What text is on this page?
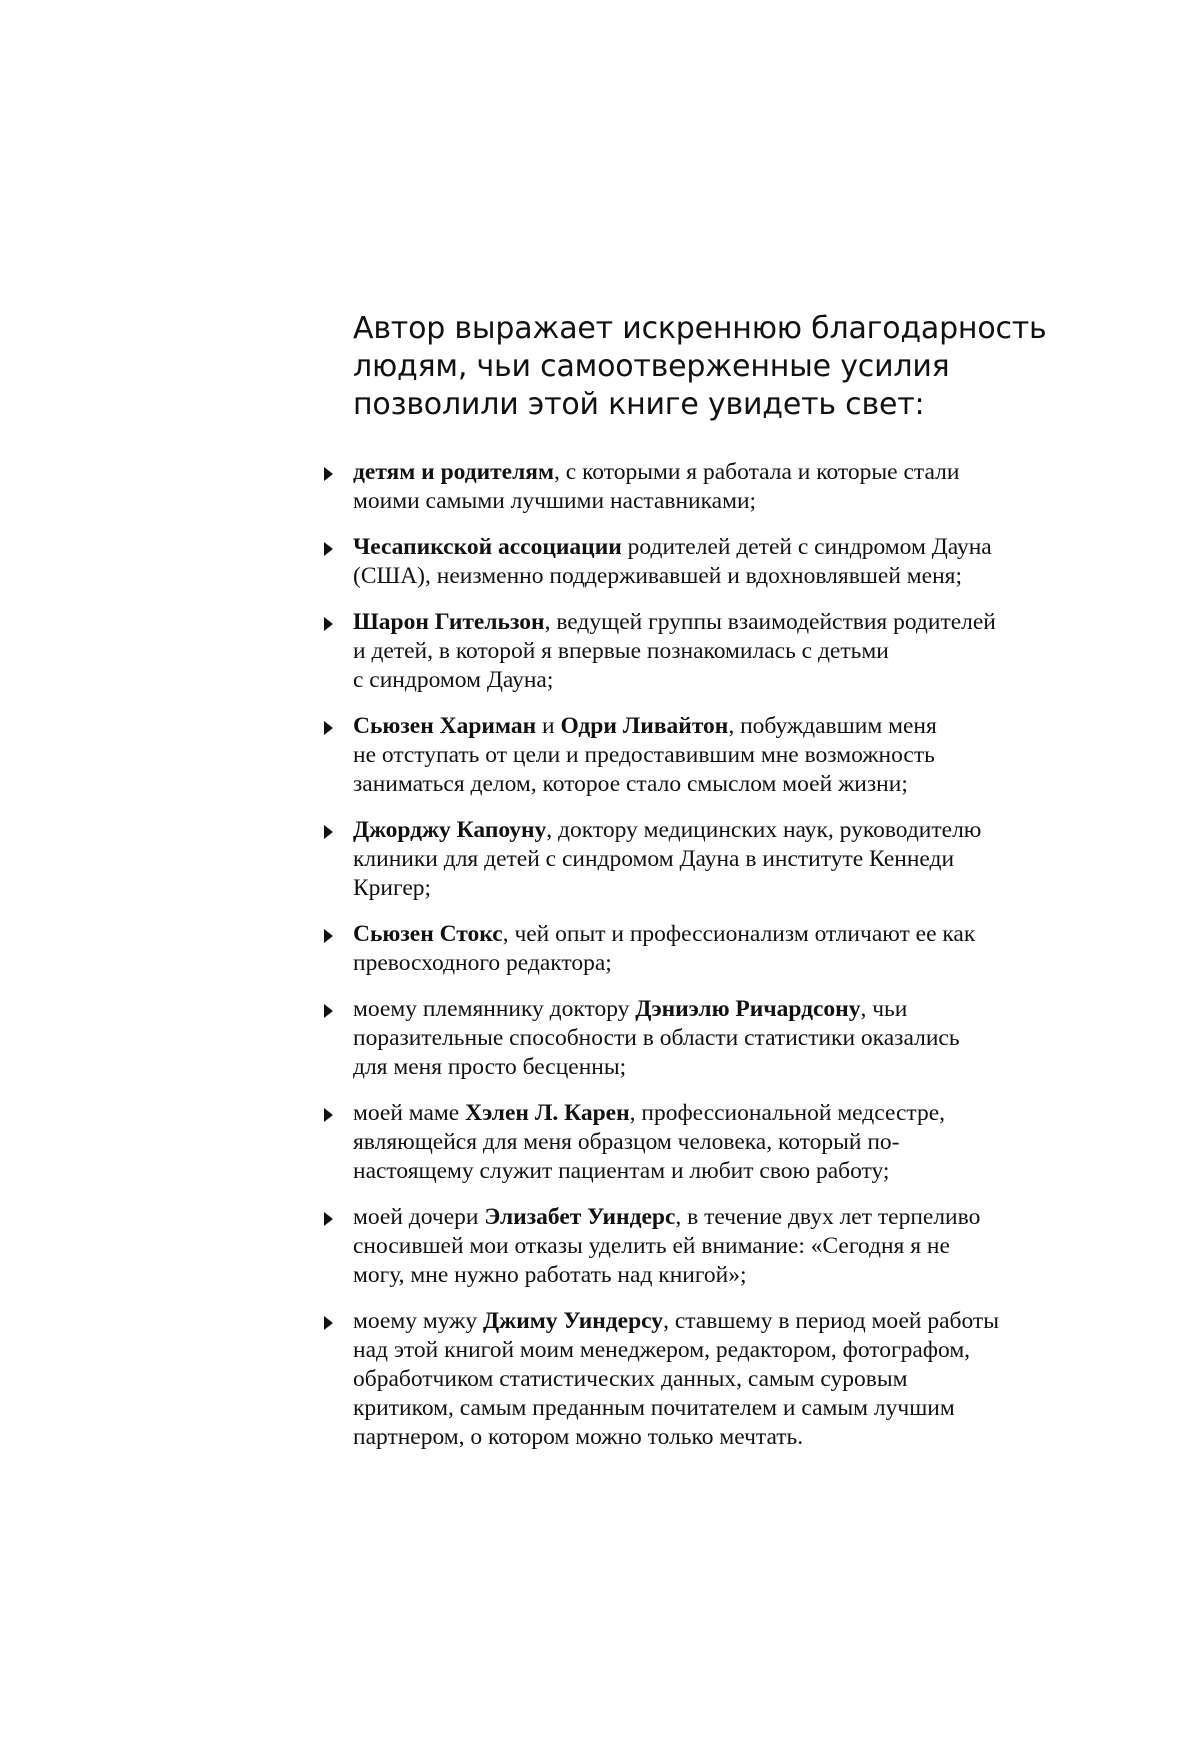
Автор выражает искреннюю благодарность
людям, чьи самоотверженные усилия
позволили этой книге увидеть свет:
детям и родителям, с которыми я работала и которые стали
моими самыми лучшими наставниками;
Чесапикской ассоциации родителей детей с синдромом Дауна
(США), неизменно поддерживавшей и вдохновлявшей меня;
Шарон Гительзон, ведущей группы взаимодействия родителей
и детей, в которой я впервые познакомилась с детьми
с синдромом Дауна;
Сьюзен Хариман и Одри Ливайтон, побуждавшим меня
не отступать от цели и предоставившим мне возможность
заниматься делом, которое стало смыслом моей жизни;
Джорджу Капоуну, доктору медицинских наук, руководителю
клиники для детей с синдромом Дауна в институте Кеннеди
Кригер;
Сьюзен Стокс, чей опыт и профессионализм отличают ее как
превосходного редактора;
моему племяннику доктору Дэниэлю Ричардсону, чьи
поразительные способности в области статистики оказались
для меня просто бесценны;
моей маме Хэлен Л. Карен, профессиональной медсестре,
являющейся для меня образцом человека, который по-
настоящему служит пациентам и любит свою работу;
моей дочери Элизабет Уиндерс, в течение двух лет терпеливо
сносившей мои отказы уделить ей внимание: «Сегодня я не
могу, мне нужно работать над книгой»;
моему мужу Джиму Уиндерсу, ставшему в период моей работы
над этой книгой моим менеджером, редактором, фотографом,
обработчиком статистических данных, самым суровым
критиком, самым преданным почитателем и самым лучшим
партнером, о котором можно только мечтать.
